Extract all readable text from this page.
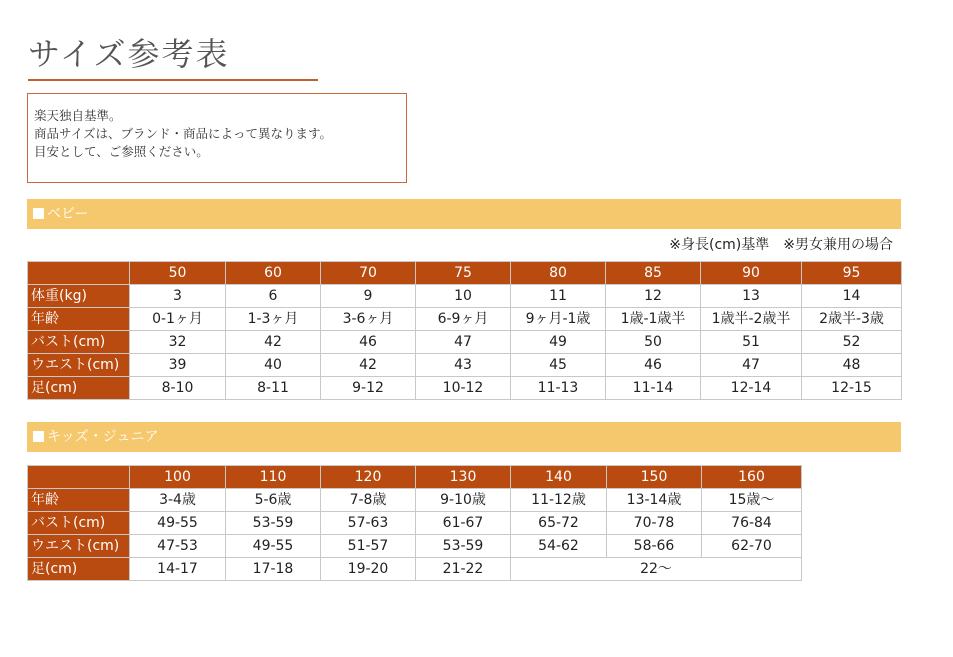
サイズ参考表
楽天独自基準。
商品サイズは、ブランド・商品によって異なります。
目安として、ご参照ください。
ベビー
※身長(cm)基準　※男女兼用の場合
	50	60	70	75	80	85	90	95
体重(kg)	3	6	9	10	11	12	13	14
年齢	0-1ヶ月	1-3ヶ月	3-6ヶ月	6-9ヶ月	9ヶ月-1歳	1歳-1歳半	1歳半-2歳半	2歳半-3歳
バスト(cm)	32	42	46	47	49	50	51	52
ウエスト(cm)	39	40	42	43	45	46	47	48
足(cm)	8-10	8-11	9-12	10-12	11-13	11-14	12-14	12-15
キッズ・ジュニア
	100	110	120	130	140	150	160
年齢	3-4歳	5-6歳	7-8歳	9-10歳	11-12歳	13-14歳	15歳〜
バスト(cm)	49-55	53-59	57-63	61-67	65-72	70-78	76-84
ウエスト(cm)	47-53	49-55	51-57	53-59	54-62	58-66	62-70
足(cm)	14-17	17-18	19-20	21-22	22〜		
